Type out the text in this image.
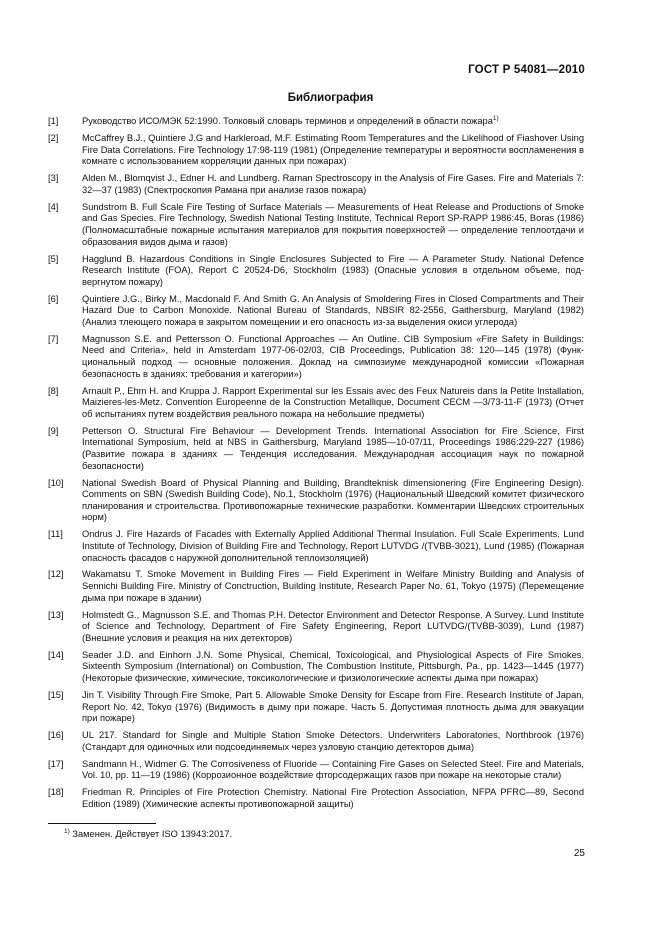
ГОСТ Р 54081—2010
Библиография
[1]	Руководство ИСО/МЭК 52:1990. Толковый словарь терминов и определений в области пожара$^{1)}$
[2]	McCaffrey B.J., Quintiere J.G and Harkleroad, M.F. Estimating Room Temperatures and the Likelihood of Fiashover Using Fire Data Correlations. Fire Technology 17:98-119 (1981) (Определение температуры и вероятности воспламенения в комнате с использованием корреляции данных при пожарах)
[3]	Alden M., Blomqvist J., Edner H. and Lundberg. Raman Spectroscopy in the Analysis of Fire Gases. Fire and Materials 7: 32—37 (1983) (Спектроскопия Рамана при анализе газов пожара)
[4]	Sundstrom B. Full Scale Fire Testing of Surface Materials — Measurements of Heat Release and Productions of Smoke and Gas Species. Fire Technology, Swedish National Testing Institute, Technical Report SP-RAPP 1986:45, Boras (1986) (Полномасштабные пожарные испытания материалов для покрытия поверхностей — определение теплоотдачи и образования видов дыма и газов)
[5]	Hagglund B. Hazardous Conditions in Single Enclosures Subjected to Fire — A Parameter Study. National Defence Research Institute (FOA), Report C 20524-D6, Stockholm (1983) (Опасные условия в отдельном объеме, подвергнутом пожару)
[6]	Quintiere J.G., Birky M., Macdonald F. And Smith G. An Analysis of Smoldering Fires in Closed Compartments and Their Hazard Due to Carbon Monoxide. National Bureau of Standards, NBSIR 82-2556, Gaithersburg, Maryland (1982) (Анализ тлеющего пожара в закрытом помещении и его опасность из-за выделения окиси углерода)
[7]	Magnusson S.E. and Pettersson O. Functional Approaches — An Outline. CIB Symposium «Fire Safety in Buildings: Need and Criteria», held in Amsterdam 1977-06-02/03, CIB Proceedings, Publication 38: 120—145 (1978) (Функциональный подход — основные положения. Доклад на симпозиуме международной комиссии «Пожарная безопасность в зданиях: требования и категории»)
[8]	Arnault P., Ehm H. and Kruppa J. Rapport Experimental sur les Essais avec des Feux Natureis dans la Petite Installation, Maizieres-les-Metz. Convention Europeenne de la Construction Metallique, Document CECM —3/73-11-F (1973) (Отчет об испытаниях путем воздействия реального пожара на небольшие предметы)
[9]	Petterson O. Structural Fire Behaviour — Development Trends. International Association for Fire Science, First International Symposium, held at NBS in Gaithersburg, Maryland 1985—10-07/11, Proceedings 1986:229-227 (1986) (Развитие пожара в зданиях — Тенденция исследования. Международная ассоциация наук по пожарной безопасности)
[10]	National Swedish Board of Physical Planning and Building, Brandteknisk dimensionering (Fire Engineering Design). Comments on SBN (Swedish Building Code), No.1, Stockholm (1976) (Национальный Шведский комитет физического планирования и строительства. Противопожарные технические разработки. Комментарии Шведских строительных норм)
[11]	Ondrus J. Fire Hazards of Facades with Externally Applied Additional Thermal Insulation. Full Scale Experiments. Lund Institute of Technology, Division of Building Fire and Technology, Report LUTVDG /(TVBB-3021), Lund (1985) (Пожарная опасность фасадов с наружной дополнительной теплоизоляцией)
[12]	Wakamatsu T. Smoke Movement in Building Fires — Field Experiment in Welfare Ministry Building and Analysis of Sennichi Building Fire. Ministry of Conctruction, Building Institute, Research Paper No. 61, Tokyo (1975) (Перемещение дыма при пожаре в здании)
[13]	Holmstedt G., Magnusson S.E. and Thomas P.H. Detector Environment and Detector Response. A Survey. Lund Institute of Science and Technology, Department of Fire Safety Engineering, Report LUTVDG/(TVBB-3039), Lund (1987) (Внешние условия и реакция на них детекторов)
[14]	Seader J.D. and Einhorn J.N. Some Physical, Chemical, Toxicological, and Physiological Aspects of Fire Smokes. Sixteenth Symposium (International) on Combustion, The Combustion Institute, Pittsburgh, Pa., pp. 1423—1445 (1977) (Некоторые физические, химические, токсикологические и физиологические аспекты дыма при пожарах)
[15]	Jin T. Visibility Through Fire Smoke, Part 5. Allowable Smoke Density for Escape from Fire. Research Institute of Japan, Report No. 42, Tokyo (1976) (Видимость в дыму при пожаре. Часть 5. Допустимая плотность дыма для эвакуации при пожаре)
[16]	UL 217. Standard for Single and Multiple Station Smoke Detectors. Underwriters Laboratories, Northbrook (1976) (Стандарт для одиночных или подсоединяемых через узловую станцию детекторов дыма)
[17]	Sandmann H., Widmer G. The Corrosiveness of Fluoride — Containing Fire Gases on Selected Steel. Fire and Materials, Vol. 10, pp. 11—19 (1986) (Коррозионное воздействие фторсодержащих газов при пожаре на некоторые стали)
[18]	Friedman R. Principles of Fire Protection Chemistry. National Fire Protection Association, NFPA PFRC—89, Second Edition (1989) (Химические аспекты противопожарной защиты)
$^{1)}$ Заменен. Действует ISO 13943:2017.
25
